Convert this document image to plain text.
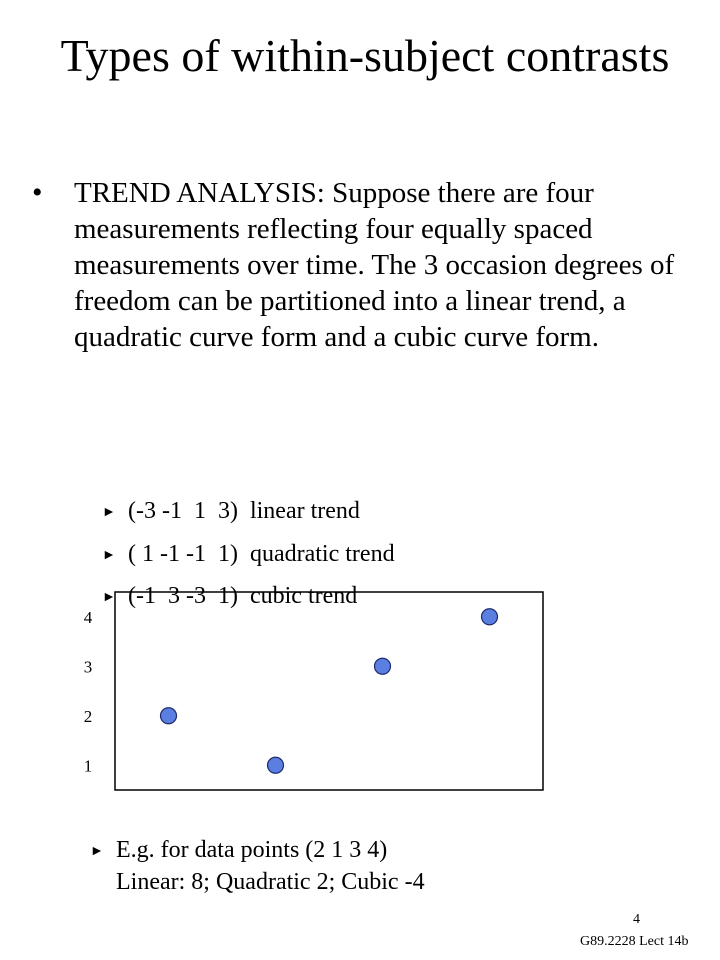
Types of within-subject contrasts
• TREND ANALYSIS: Suppose there are four measurements reflecting four equally spaced measurements over time. The 3 occasion degrees of freedom can be partitioned into a linear trend, a quadratic curve form and a cubic curve form.

► (-3 -1  1  3)  linear trend

► ( 1 -1 -1  1)  quadratic trend

► (-1  3 -3  1)  cubic trend

1
2
3
4
► E.g. for data points (2 1 3 4)
Linear: 8; Quadratic 2; Cubic -4
4
G89.2228 Lect 14b
